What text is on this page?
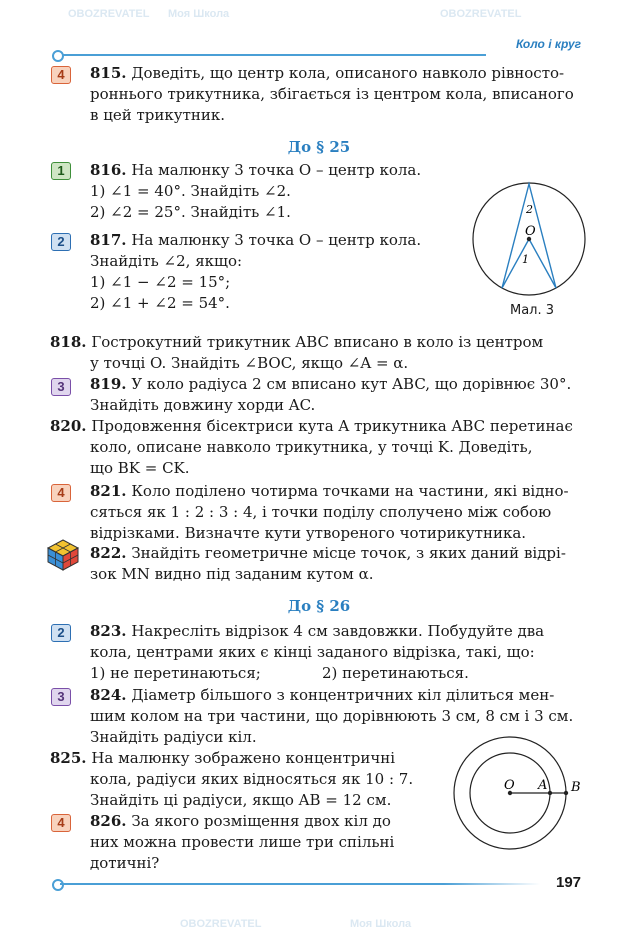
Моя Школа	OBOZREVATEL
OBOZREVATEL
Моя Школа
OBOZREVATEL
Коло і круг
4	815. Доведіть, що центр кола, описаного навколо рівносто-
роннього трикутника, збігається із центром кола, вписаного
в цей трикутник.
До § 25
1	816. На малюнку 3 точка O – центр кола.
1) ∠1 = 40°. Знайдіть ∠2.
2) ∠2 = 25°. Знайдіть ∠1.
2	817. На малюнку 3 точка O – центр кола.
Знайдіть ∠2, якщо:
1) ∠1 − ∠2 = 15°;
2) ∠1 + ∠2 = 54°.
O
1
2
Мал. 3
818. Гострокутний трикутник ABC вписано в коло із центром
у точці O. Знайдіть ∠BOC, якщо ∠A = α.
3	819. У коло радіуса 2 см вписано кут ABC, що дорівнює 30°.
Знайдіть довжину хорди AC.
820. Продовження бісектриси кута A трикутника ABC перетинає
коло, описане навколо трикутника, у точці K. Доведіть,
що BK = CK.
4	821. Коло поділено чотирма точками на частини, які відно-
сяться як 1 : 2 : 3 : 4, і точки поділу сполучено між собою
відрізками. Визначте кути утвореного чотирикутника.
822. Знайдіть геометричне місце точок, з яких даний відрі-
зок MN видно під заданим кутом α.
До § 26
2	823. Накресліть відрізок 4 см завдовжки. Побудуйте два
кола, центрами яких є кінці заданого відрізка, такі, що:
1) не перетинаються;	2) перетинаються.
3	824. Діаметр більшого з концентричних кіл ділиться мен-
шим колом на три частини, що дорівнюють 3 см, 8 см і 3 см.
Знайдіть радіуси кіл.
825. На малюнку зображено концентричні
кола, радіуси яких відносяться як 10 : 7.
Знайдіть ці радіуси, якщо AB = 12 см.
4	826. За якого розміщення двох кіл до
них можна провести лише три спільні
дотичні?
O A B
197
